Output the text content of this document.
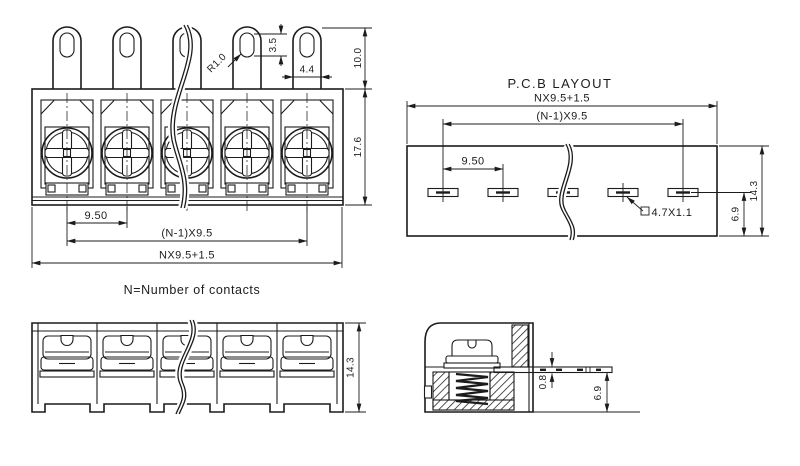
9.50
(N-1)X9.5
NX9.5+1.5
10.0
17.6
3.5
R1.0	4.4
N=Number of contacts
P.C.B LAYOUT
NX9.5+1.5
(N-1)X9.5
9.50
4.7X1.1
14.3
6.9
14.3
0.8
6.9
